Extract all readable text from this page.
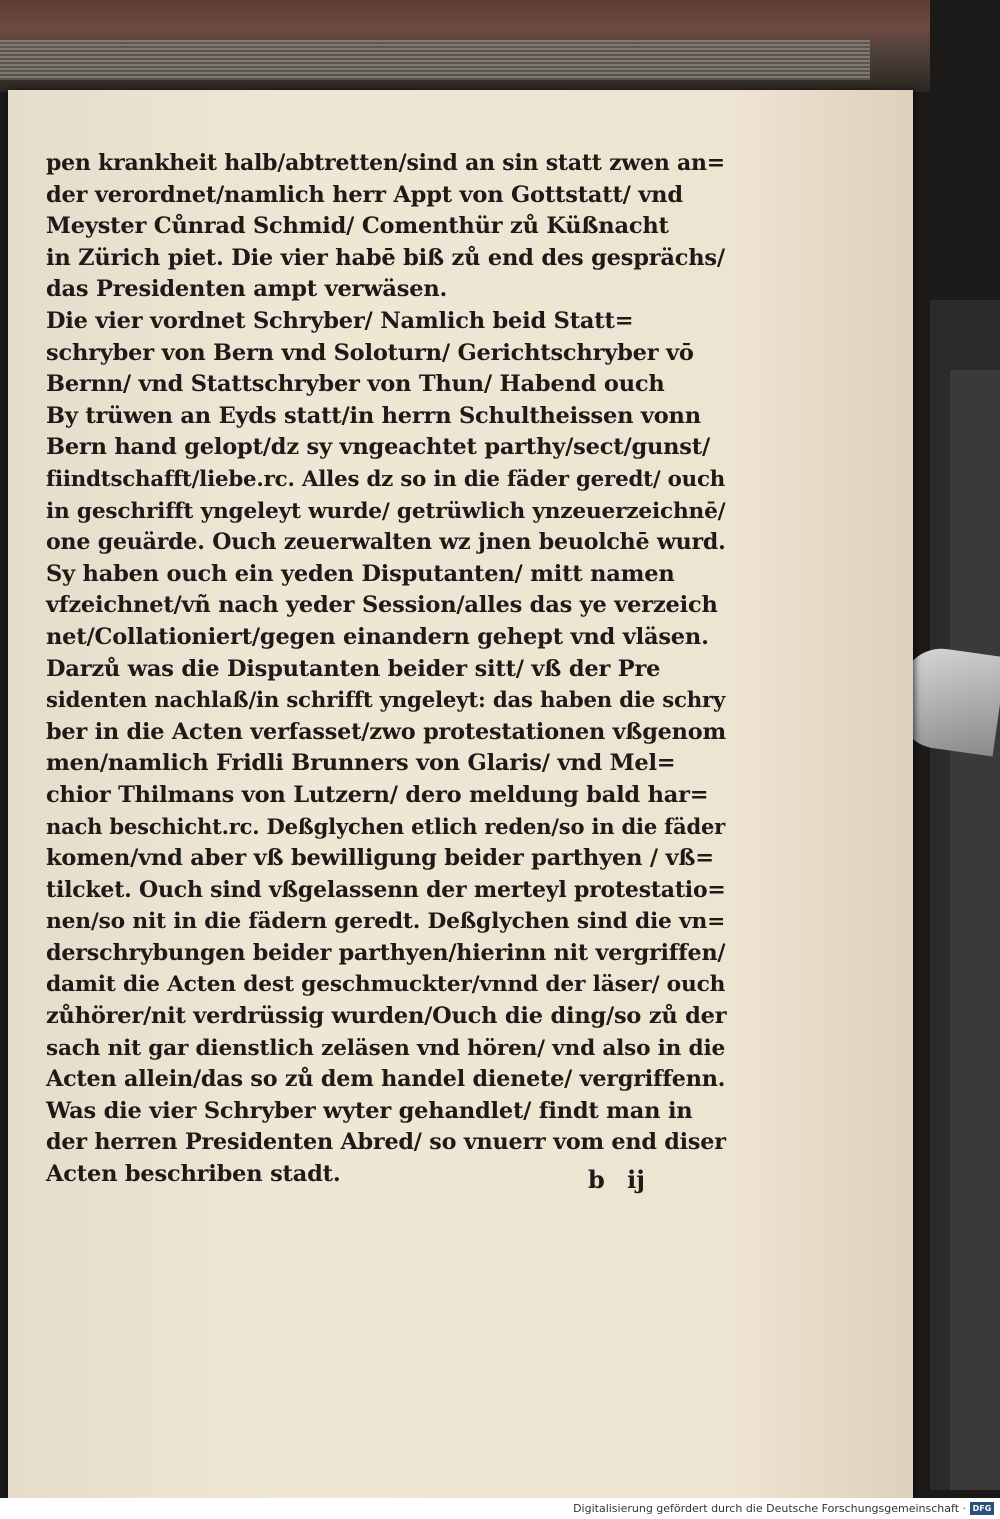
pen krankheit halb/abtretten/sind an sin statt zwen an=
der verordnet/namlich herr Appt von Gottstatt/ vnd
Meyster Cůnrad Schmid/ Comenthür zů Küßnacht
in Zürich piet. Die vier habē biß zů end des gesprächs/
das Presidenten ampt verwäsen.
Die vier vordnet Schryber/ Namlich beid Statt=
schryber von Bern vnd Soloturn/ Gerichtschryber vō
Bernn/ vnd Stattschryber von Thun/ Habend ouch
By trüwen an Eyds statt/in herrn Schultheissen vonn
Bern hand gelopt/dz sy vngeachtet parthy/sect/gunst/
fiindtschafft/liebe.rc. Alles dz so in die fäder geredt/ ouch
in geschrifft yngeleyt wurde/ getrüwlich ynzeuerzeichnē/
one geuärde. Ouch zeuerwalten wz jnen beuolchē wurd.
Sy haben ouch ein yeden Disputanten/ mitt namen
vfzeichnet/vñ nach yeder Session/alles das ye verzeich
net/Collationiert/gegen einandern gehept vnd vläsen.
Darzů was die Disputanten beider sitt/ vß der Pre
sidenten nachlaß/in schrifft yngeleyt: das haben die schry
ber in die Acten verfasset/zwo protestationen vßgenom
men/namlich Fridli Brunners von Glaris/ vnd Mel=
chior Thilmans von Lutzern/ dero meldung bald har=
nach beschicht.rc. Deßglychen etlich reden/so in die fäder
komen/vnd aber vß bewilligung beider parthyen / vß=
tilcket. Ouch sind vßgelassenn der merteyl protestatio=
nen/so nit in die fädern geredt. Deßglychen sind die vn=
derschrybungen beider parthyen/hierinn nit vergriffen/
damit die Acten dest geschmuckter/vnnd der läser/ ouch
zůhörer/nit verdrüssig wurden/Ouch die ding/so zů der
sach nit gar dienstlich zeläsen vnd hören/ vnd also in die
Acten allein/das so zů dem handel dienete/ vergriffenn.
Was die vier Schryber wyter gehandlet/ findt man in
der herren Presidenten Abred/ so vnuerr vom end diser
Acten beschriben stadt.	b ij
Digitalisierung gefördert durch die Deutsche Forschungsgemeinschaft · DFG
